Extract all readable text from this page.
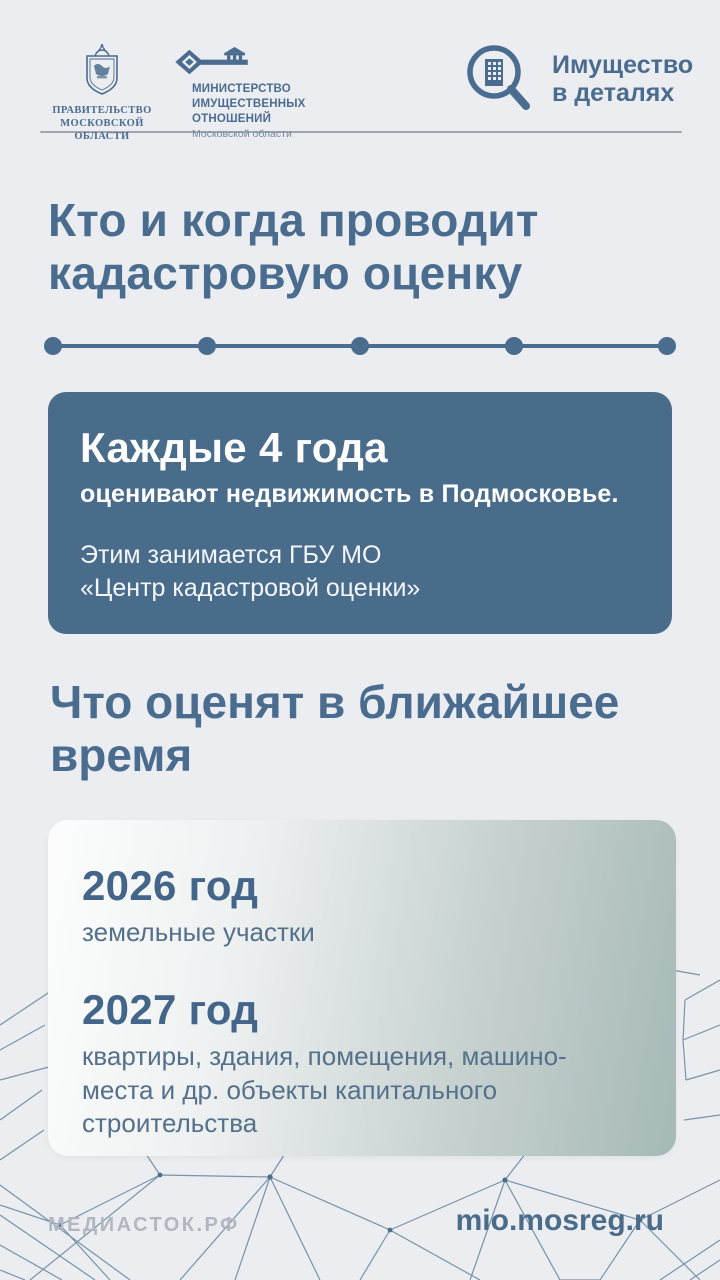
ПРАВИТЕЛЬСТВО
МОСКОВСКОЙ
ОБЛАСТИ
МИНИСТЕРСТВО
ИМУЩЕСТВЕННЫХ
ОТНОШЕНИЙ
Московской области
Имущество
в деталях
Кто и когда проводит
кадастровую оценку
Каждые 4 года
оценивают недвижимость в Подмосковье.
Этим занимается ГБУ МО
«Центр кадастровой оценки»
Что оценят в ближайшее
время
2026 год
земельные участки
2027 год
квартиры, здания, помещения, машино-места и др. объекты капитального строительства
МЕДИАСТОК.РФ	mio.mosreg.ru
